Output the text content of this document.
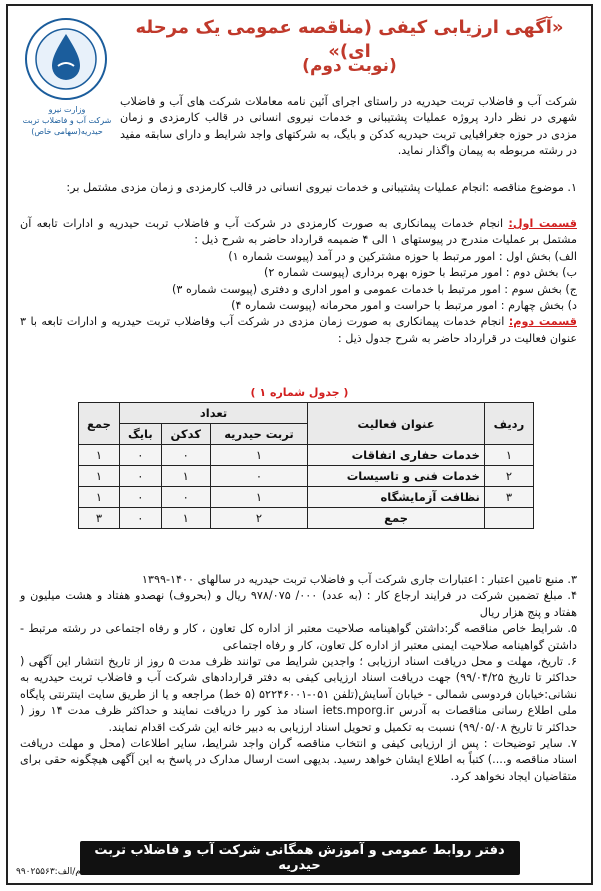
وزارت نیرو
شرکت آب و فاضلاب تربت
حیدریه(سهامی خاص)
«آگهی ارزیابی کیفی (مناقصه عمومی یک مرحله ای)»
(نوبت دوم)
شرکت آب و فاضلاب تربت حیدریه در راستای اجرای آئین نامه معاملات شرکت های آب و فاضلاب شهری در نظر دارد پروژه عملیات پشتیبانی و خدمات نیروی انسانی در قالب کارمزدی و زمان مزدی در حوزه جغرافیایی تربت حیدریه کدکن و بایگ، به شرکتهای واجد شرایط و دارای سابقه مفید در رشته مربوطه به پیمان واگذار نماید.
۱. موضوع مناقصه :انجام عملیات پشتیبانی و خدمات نیروی انسانی در قالب کارمزدی و زمان مزدی مشتمل بر:
قسمت اول: انجام خدمات پیمانکاری به صورت کارمزدی در شرکت آب و فاضلاب تربت حیدریه و ادارات تابعه آن مشتمل بر عملیات مندرج در پیوستهای ۱ الی ۴ ضمیمه قرارداد حاضر به شرح ذیل :
الف) بخش اول : امور مرتبط با حوزه مشترکین و در آمد (پیوست شماره ۱)
ب) بخش دوم : امور مرتبط با حوزه بهره برداری (پیوست شماره ۲)
ج) بخش سوم : امور مرتبط با خدمات عمومی و امور اداری و دفتری (پیوست شماره ۳)
د) بخش چهارم : امور مرتبط با حراست و امور محرمانه (پیوست شماره ۴)
قسمت دوم: انجام خدمات پیمانکاری به صورت زمان مزدی در شرکت آب وفاضلاب تربت حیدریه و ادارات تابعه با ۳ عنوان فعالیت در قرارداد حاضر به شرح جدول ذیل :
( جدول شماره ۱ )
ردیف	عنوان فعالیت	تعداد			جمع
		تربت حیدریه	کدکن	بایگ	
۱	خدمات حفاری اتفاقات	۱	۰	۰	۱
۲	خدمات فنی و تاسیسات	۰	۱	۰	۱
۳	نظافت آزمایشگاه	۱	۰	۰	۱
	جمع	۲	۱	۰	۳
۳. منبع تامین اعتبار : اعتبارات جاری شرکت آب و فاضلاب تربت حیدریه در سالهای ۱۴۰۰-۱۳۹۹
۴. مبلغ تضمین شرکت در فرایند ارجاع کار : (به عدد) ۰۰۰/ ۹۷۸/۰۷۵ ریال و (بحروف) نهصدو هفتاد و هشت میلیون و هفتاد و پنج هزار ریال
۵. شرایط خاص مناقصه گر:داشتن گواهینامه صلاحیت معتبر از اداره کل تعاون ، کار و رفاه اجتماعی در رشته مرتبط - داشتن گواهینامه صلاحیت ایمنی معتبر از اداره کل تعاون، کار و رفاه اجتماعی
۶. تاریخ، مهلت و محل دریافت اسناد ارزیابی ؛ واجدین شرایط می توانند ظرف مدت ۵ روز از تاریخ انتشار این آگهی ( حداکثر تا تاریخ ۹۹/۰۴/۲۵) جهت دریافت اسناد ارزیابی کیفی به دفتر قراردادهای شرکت آب و فاضلاب تربت حیدریه به نشانی:خیابان فردوسی شمالی - خیابان آسایش(تلفن ۰۵۱-۵۲۲۴۶۰۰۱ (۵ خط) مراجعه و یا از طریق سایت اینترنتی پایگاه ملی اطلاع رسانی مناقصات به آدرس iets.mporg.ir اسناد مذ کور را دریافت نمایند و حداکثر ظرف مدت ۱۴ روز ( حداکثر تا تاریخ ۹۹/۰۵/۰۸) نسبت به تکمیل و تحویل اسناد ارزیابی به دبیر خانه این شرکت اقدام نمایند.
۷. سایر توضیحات : پس از ارزیابی کیفی و انتخاب مناقصه گران واجد شرایط، سایر اطلاعات (محل و مهلت دریافت اسناد مناقصه و....) کتباً به اطلاع ایشان خواهد رسید. بدیهی است ارسال مدارک در پاسخ به این آگهی هیچگونه حقی برای متقاضیان ایجاد نخواهد کرد.
دفتر روابط عمومی و آموزش همگانی شرکت آب و فاضلاب تربت حیدریه
۹۹۰۲۵۵۶۳:م/الف
